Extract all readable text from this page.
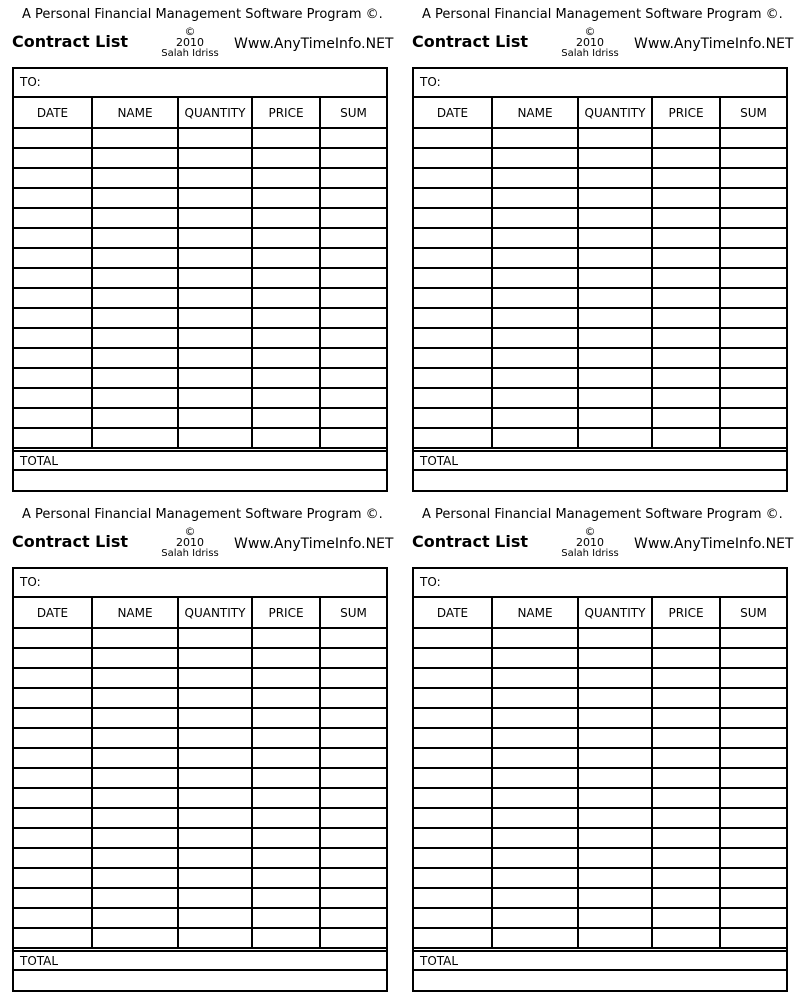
A Personal Financial Management Software Program ©.
Contract List
©
2010
Salah Idriss
Www.AnyTimeInfo.NET
TO:
DATE	NAME	QUANTITY	PRICE	SUM

TOTAL
A Personal Financial Management Software Program ©.
Contract List
©
2010
Salah Idriss
Www.AnyTimeInfo.NET
TO:
DATE	NAME	QUANTITY	PRICE	SUM

TOTAL
A Personal Financial Management Software Program ©.
Contract List
©
2010
Salah Idriss
Www.AnyTimeInfo.NET
TO:
DATE	NAME	QUANTITY	PRICE	SUM

TOTAL
A Personal Financial Management Software Program ©.
Contract List
©
2010
Salah Idriss
Www.AnyTimeInfo.NET
TO:
DATE	NAME	QUANTITY	PRICE	SUM

TOTAL
